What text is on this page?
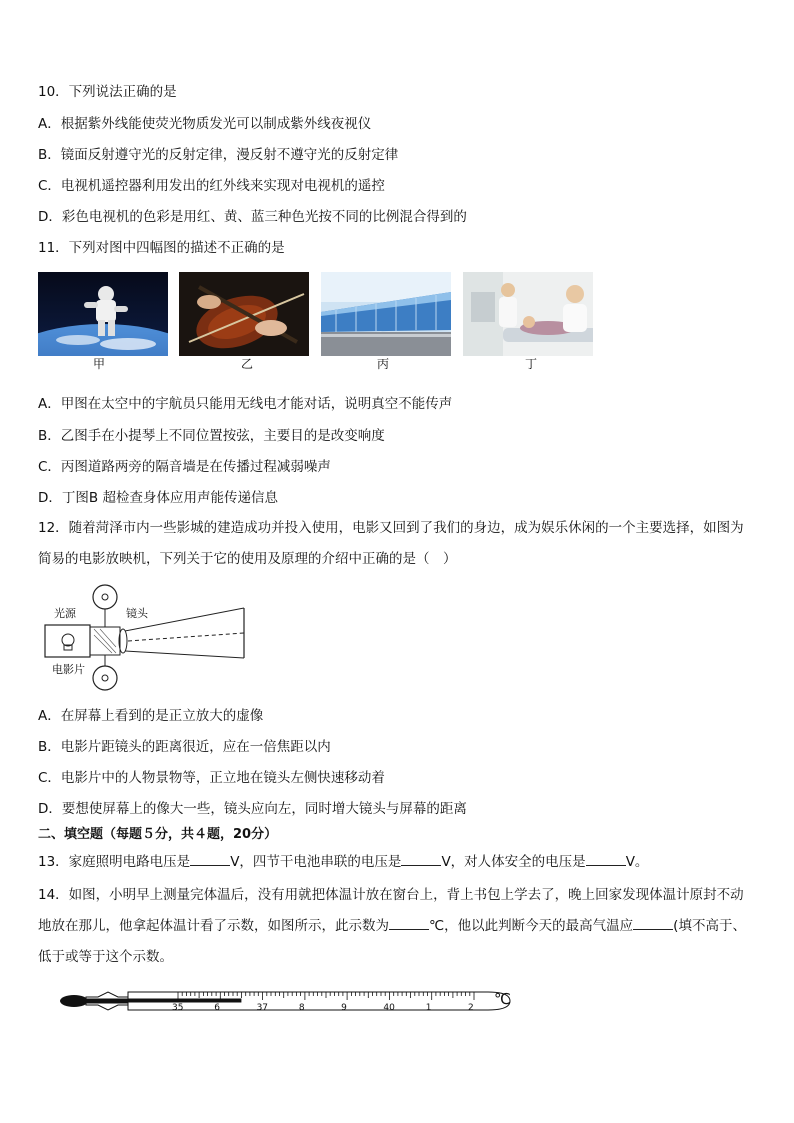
10．下列说法正确的是
A．根据紫外线能使荧光物质发光可以制成紫外线夜视仪
B．镜面反射遵守光的反射定律，漫反射不遵守光的反射定律
C．电视机遥控器利用发出的红外线来实现对电视机的遥控
D．彩色电视机的色彩是用红、黄、蓝三种色光按不同的比例混合得到的
11．下列对图中四幅图的描述不正确的是
甲	乙	丙	丁
A．甲图在太空中的宇航员只能用无线电才能对话，说明真空不能传声
B．乙图手在小提琴上不同位置按弦，主要目的是改变响度
C．丙图道路两旁的隔音墙是在传播过程减弱噪声
D．丁图B 超检查身体应用声能传递信息
12．随着菏泽市内一些影城的建造成功并投入使用，电影又回到了我们的身边，成为娱乐休闲的一个主要选择，如图为简易的电影放映机，下列关于它的使用及原理的介绍中正确的是（　）
光源	镜头
电影片
A．在屏幕上看到的是正立放大的虚像
B．电影片距镜头的距离很近，应在一倍焦距以内
C．电影片中的人物景物等，正立地在镜头左侧快速移动着
D．要想使屏幕上的像大一些，镜头应向左，同时增大镜头与屏幕的距离
二、填空题（每题５分，共４题，20分）
13．家庭照明电路电压是	V，四节干电池串联的电压是	V，对人体安全的电压是	V。
14．如图，小明早上测量完体温后，没有用就把体温计放在窗台上，背上书包上学去了，晚上回家发现体温计原封不动地放在那儿，他拿起体温计看了示数，如图所示，此示数为	℃，他以此判断今天的最高气温应	(填不高于、低于或等于这个示数。
35	6	37	8	9	40	1	2 ℃
